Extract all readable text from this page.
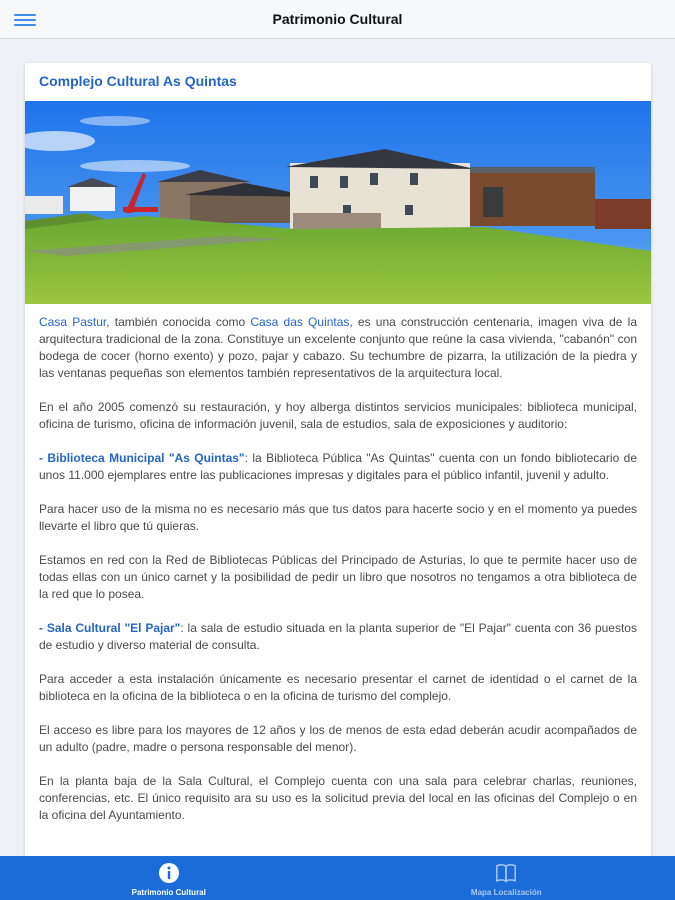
Patrimonio Cultural
Complejo Cultural As Quintas

Casa Pastur, también conocida como Casa das Quintas, es una construcción centenaria, imagen viva de la arquitectura tradicional de la zona. Constituye un excelente conjunto que reúne la casa vivienda, "cabanón" con bodega de cocer (horno exento) y pozo, pajar y cabazo. Su techumbre de pizarra, la utilización de la piedra y las ventanas pequeñas son elementos también representativos de la arquitectura local.

En el año 2005 comenzó su restauración, y hoy alberga distintos servicios municipales: biblioteca municipal, oficina de turismo, oficina de información juvenil, sala de estudios, sala de exposiciones y auditorio:

- Biblioteca Municipal "As Quintas": la Biblioteca Pública "As Quintas" cuenta con un fondo bibliotecario de unos 11.000 ejemplares entre las publicaciones impresas y digitales para el público infantil, juvenil y adulto.

Para hacer uso de la misma no es necesario más que tus datos para hacerte socio y en el momento ya puedes llevarte el libro que tú quieras.

Estamos en red con la Red de Bibliotecas Públicas del Principado de Asturias, lo que te permite hacer uso de todas ellas con un único carnet y la posibilidad de pedir un libro que nosotros no tengamos a otra biblioteca de la red que lo posea.

- Sala Cultural "El Pajar": la sala de estudio situada en la planta superior de "El Pajar" cuenta con 36 puestos de estudio y diverso material de consulta.

Para acceder a esta instalación únicamente es necesario presentar el carnet de identidad o el carnet de la biblioteca en la oficina de la biblioteca o en la oficina de turismo del complejo.

El acceso es libre para los mayores de 12 años y los de menos de esta edad deberán acudir acompañados de un adulto (padre, madre o persona responsable del menor).

En la planta baja de la Sala Cultural, el Complejo cuenta con una sala para celebrar charlas, reuniones, conferencias, etc. El único requisito ara su uso es la solicitud previa del local en las oficinas del Complejo o en la oficina del Ayuntamiento.

Patrimonio Cultural	Mapa Localización
